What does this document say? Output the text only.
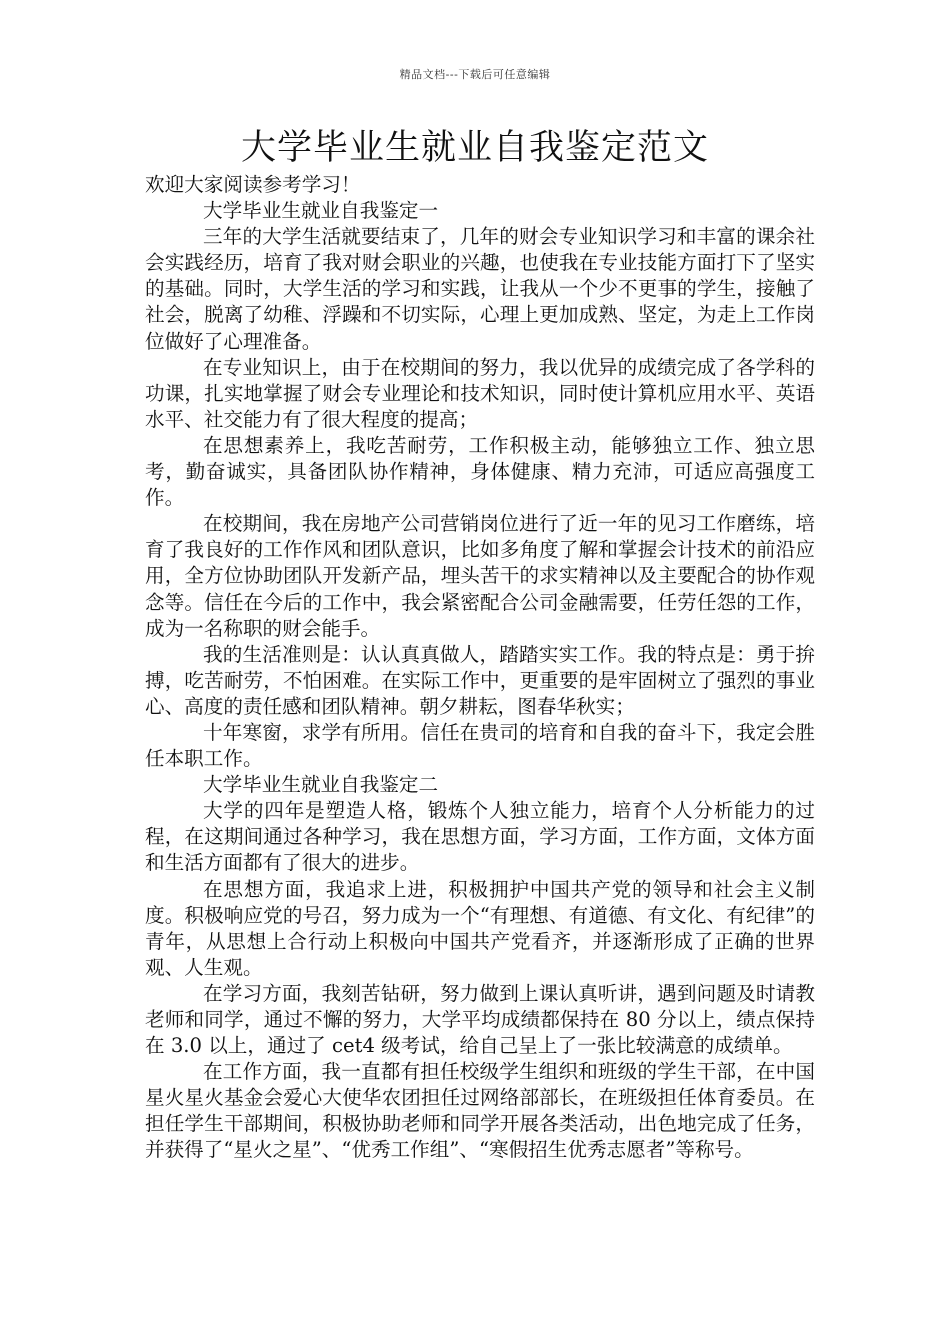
精品文档---下载后可任意编辑
大学毕业生就业自我鉴定范文

欢迎大家阅读参考学习！

大学毕业生就业自我鉴定一

三年的大学生活就要结束了，几年的财会专业知识学习和丰富的课余社会实践经历，培育了我对财会职业的兴趣，也使我在专业技能方面打下了坚实的基础。同时，大学生活的学习和实践，让我从一个少不更事的学生，接触了社会，脱离了幼稚、浮躁和不切实际，心理上更加成熟、坚定，为走上工作岗位做好了心理准备。

在专业知识上，由于在校期间的努力，我以优异的成绩完成了各学科的功课，扎实地掌握了财会专业理论和技术知识，同时使计算机应用水平、英语水平、社交能力有了很大程度的提高；

在思想素养上，我吃苦耐劳，工作积极主动，能够独立工作、独立思考，勤奋诚实，具备团队协作精神，身体健康、精力充沛，可适应高强度工作。

在校期间，我在房地产公司营销岗位进行了近一年的见习工作磨练，培育了我良好的工作作风和团队意识，比如多角度了解和掌握会计技术的前沿应用，全方位协助团队开发新产品，埋头苦干的求实精神以及主要配合的协作观念等。信任在今后的工作中，我会紧密配合公司金融需要，任劳任怨的工作，成为一名称职的财会能手。

我的生活准则是：认认真真做人，踏踏实实工作。我的特点是：勇于拚搏，吃苦耐劳，不怕困难。在实际工作中，更重要的是牢固树立了强烈的事业心、高度的责任感和团队精神。朝夕耕耘，图春华秋实；

十年寒窗，求学有所用。信任在贵司的培育和自我的奋斗下，我定会胜任本职工作。

大学毕业生就业自我鉴定二

大学的四年是塑造人格，锻炼个人独立能力，培育个人分析能力的过程，在这期间通过各种学习，我在思想方面，学习方面，工作方面，文体方面和生活方面都有了很大的进步。

在思想方面，我追求上进，积极拥护中国共产党的领导和社会主义制度。积极响应党的号召，努力成为一个“有理想、有道德、有文化、有纪律”的青年，从思想上合行动上积极向中国共产党看齐，并逐渐形成了正确的世界观、人生观。

在学习方面，我刻苦钻研，努力做到上课认真听讲，遇到问题及时请教老师和同学，通过不懈的努力，大学平均成绩都保持在 80 分以上，绩点保持在 3.0 以上，通过了 cet4 级考试，给自己呈上了一张比较满意的成绩单。

在工作方面，我一直都有担任校级学生组织和班级的学生干部，在中国星火星火基金会爱心大使华农团担任过网络部部长，在班级担任体育委员。在担任学生干部期间，积极协助老师和同学开展各类活动，出色地完成了任务，并获得了“星火之星”、“优秀工作组”、“寒假招生优秀志愿者”等称号。
